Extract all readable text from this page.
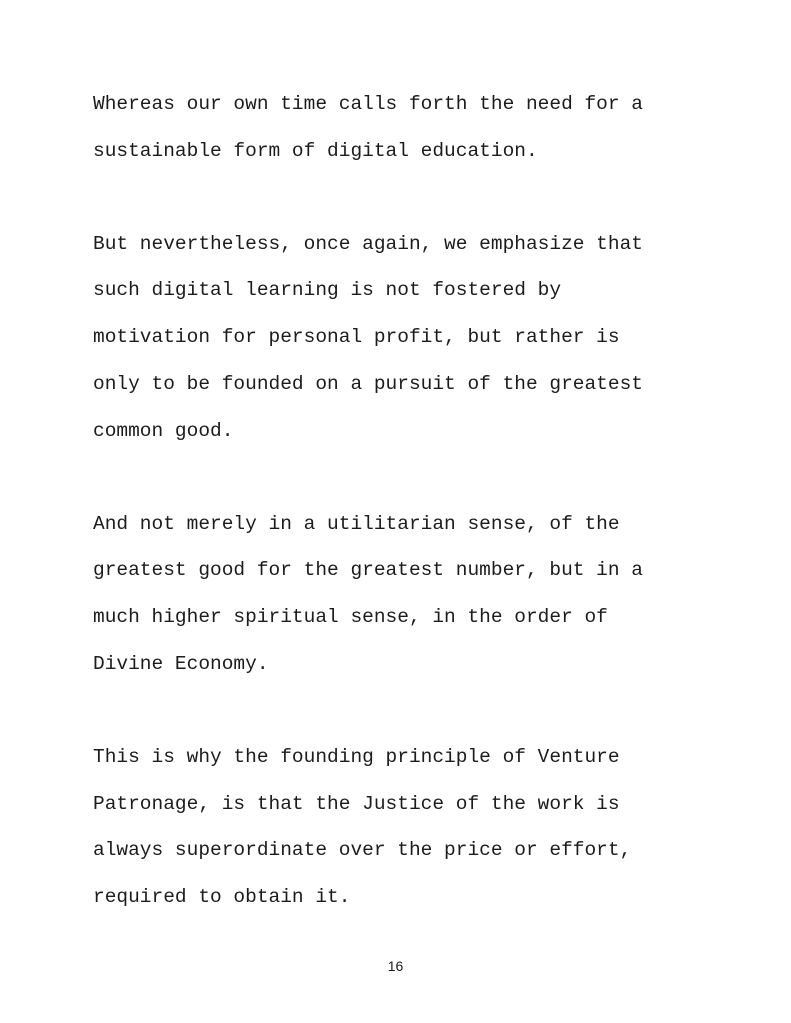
Whereas our own time calls forth the need for a
sustainable form of digital education.

But nevertheless, once again, we emphasize that
such digital learning is not fostered by
motivation for personal profit, but rather is
only to be founded on a pursuit of the greatest
common good.

And not merely in a utilitarian sense, of the
greatest good for the greatest number, but in a
much higher spiritual sense, in the order of
Divine Economy.

This is why the founding principle of Venture
Patronage, is that the Justice of the work is
always superordinate over the price or effort,
required to obtain it.

16
